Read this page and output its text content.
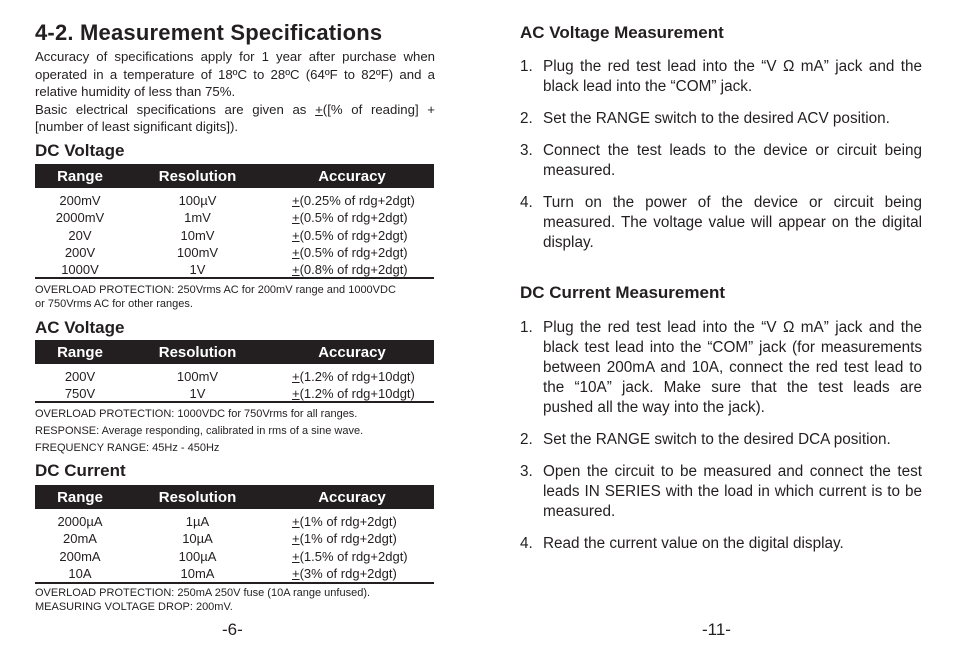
4-2. Measurement Specifications

Accuracy of specifications apply for 1 year after purchase when operated in a temperature of 18ºC to 28ºC (64ºF to 82ºF) and a relative humidity of less than 75%.

Basic electrical specifications are given as +([% of reading] + [number of least significant digits]).

DC Voltage
Range	Resolution	Accuracy
200mV	100µV	+(0.25% of rdg+2dgt)
2000mV	1mV	+(0.5% of rdg+2dgt)
20V	10mV	+(0.5% of rdg+2dgt)
200V	100mV	+(0.5% of rdg+2dgt)
1000V	1V	+(0.8% of rdg+2dgt)
OVERLOAD PROTECTION: 250Vrms AC for 200mV range and 1000VDC
or 750Vrms AC for other ranges.
AC Voltage
Range	Resolution	Accuracy
200V	100mV	+(1.2% of rdg+10dgt)
750V	1V	+(1.2% of rdg+10dgt)
OVERLOAD PROTECTION: 1000VDC for 750Vrms for all ranges.
RESPONSE: Average responding, calibrated in rms of a sine wave.
FREQUENCY RANGE: 45Hz - 450Hz
DC Current
Range	Resolution	Accuracy
2000µA	1µA	+(1% of rdg+2dgt)
20mA	10µA	+(1% of rdg+2dgt)
200mA	100µA	+(1.5% of rdg+2dgt)
10A	10mA	+(3% of rdg+2dgt)
OVERLOAD PROTECTION: 250mA 250V fuse (10A range unfused).
MEASURING VOLTAGE DROP: 200mV.
-6-
AC Voltage Measurement
1. Plug the red test lead into the “V Ω mA” jack and the black lead into the “COM” jack.
2. Set the RANGE switch to the desired ACV position.
3. Connect the test leads to the device or circuit being measured.
4. Turn on the power of the device or circuit being measured. The voltage value will appear on the digital display.
DC Current Measurement
1. Plug the red test lead into the “V Ω mA” jack and the black test lead into the “COM” jack (for measurements between 200mA and 10A, connect the red test lead to the “10A” jack. Make sure that the test leads are pushed all the way into the jack).
2. Set the RANGE switch to the desired DCA position.
3. Open the circuit to be measured and connect the test leads IN SERIES with the load in which current is to be measured.
4. Read the current value on the digital display.
-11-
